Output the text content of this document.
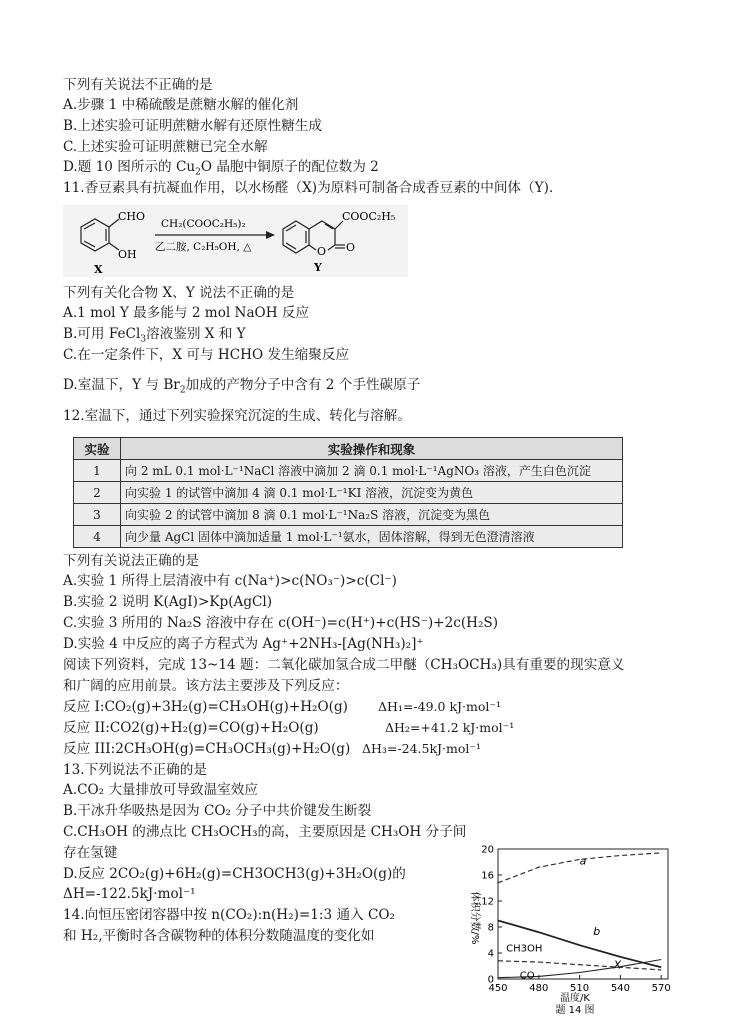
下列有关说法不正确的是
A.步骤 1 中稀硫酸是蔗糖水解的催化剂
B.上述实验可证明蔗糖水解有还原性糖生成
C.上述实验可证明蔗糖已完全水解
D.题 10 图所示的 $Cu_2O$ 晶胞中铜原子的配位数为 2
11.香豆素具有抗凝血作用，以水杨醛（X)为原料可制备合成香豆素的中间体（Y).
CHO
OH
X
CH₂(COOC₂H₅)₂
乙二胺, C₂H₅OH, △
COOC₂H₅
O O
Y
下列有关化合物 X、Y 说法不正确的是
A.1 mol Y 最多能与 2 mol NaOH 反应
B.可用 FeCl$_3$溶液鉴别 X 和 Y
C.在一定条件下，X 可与 HCHO 发生缩聚反应
D.室温下，Y 与 $Br_2$加成的产物分子中含有 2 个手性碳原子
12.室温下，通过下列实验探究沉淀的生成、转化与溶解。
实验	实验操作和现象
1	向 2 mL 0.1 mol·L⁻¹NaCl 溶液中滴加 2 滴 0.1 mol·L⁻¹AgNO₃ 溶液，产生白色沉淀
2	向实验 1 的试管中滴加 4 滴 0.1 mol·L⁻¹KI 溶液，沉淀变为黄色
3	向实验 2 的试管中滴加 8 滴 0.1 mol·L⁻¹Na₂S 溶液，沉淀变为黑色
4	向少量 AgCl 固体中滴加适量 1 mol·L⁻¹氨水，固体溶解，得到无色澄清溶液
下列有关说法正确的是
A.实验 1 所得上层清液中有 c(Na⁺)>c(NO₃⁻)>c(Cl⁻)
B.实验 2 说明 K(AgI)>Kp(AgCl)
C.实验 3 所用的 Na₂S 溶液中存在 c(OH⁻)=c(H⁺)+c(HS⁻)+2c(H₂S)
D.实验 4 中反应的离子方程式为 Ag⁺+2NH₃-[Ag(NH₃)₂]⁺
阅读下列资料，完成 13~14 题：二氧化碳加氢合成二甲醚（CH₃OCH₃)具有重要的现实意义
和广阔的应用前景。该方法主要涉及下列反应：
反应 I:CO₂(g)+3H₂(g)=CH₃OH(g)+H₂O(g) ΔH₁=-49.0 kJ·mol⁻¹
反应 II:CO2(g)+H₂(g)=CO(g)+H₂O(g)	ΔH₂=+41.2 kJ·mol⁻¹
反应 III:2CH₃OH(g)=CH₃OCH₃(g)+H₂O(g) ΔH₃=-24.5kJ·mol⁻¹
13.下列说法不正确的是
A.CO₂ 大量排放可导致温室效应
B.干冰升华吸热是因为 CO₂ 分子中共价键发生断裂
C.CH₃OH 的沸点比 CH₃OCH₃的高，主要原因是 CH₃OH 分子间
存在氢键
D.反应 2CO₂(g)+6H₂(g)=CH3OCH3(g)+3H₂O(g)的
ΔH=-122.5kJ·mol⁻¹
14.向恒压密闭容器中按 n(CO₂):n(H₂)=1:3 通入 CO₂
和 H₂,平衡时各含碳物种的体积分数随温度的变化如	体积分数/%
温度/K
题 14 图
0
4
8
12
16
20
450 480 510 540 570
a
b
X
CH3OH
CO
